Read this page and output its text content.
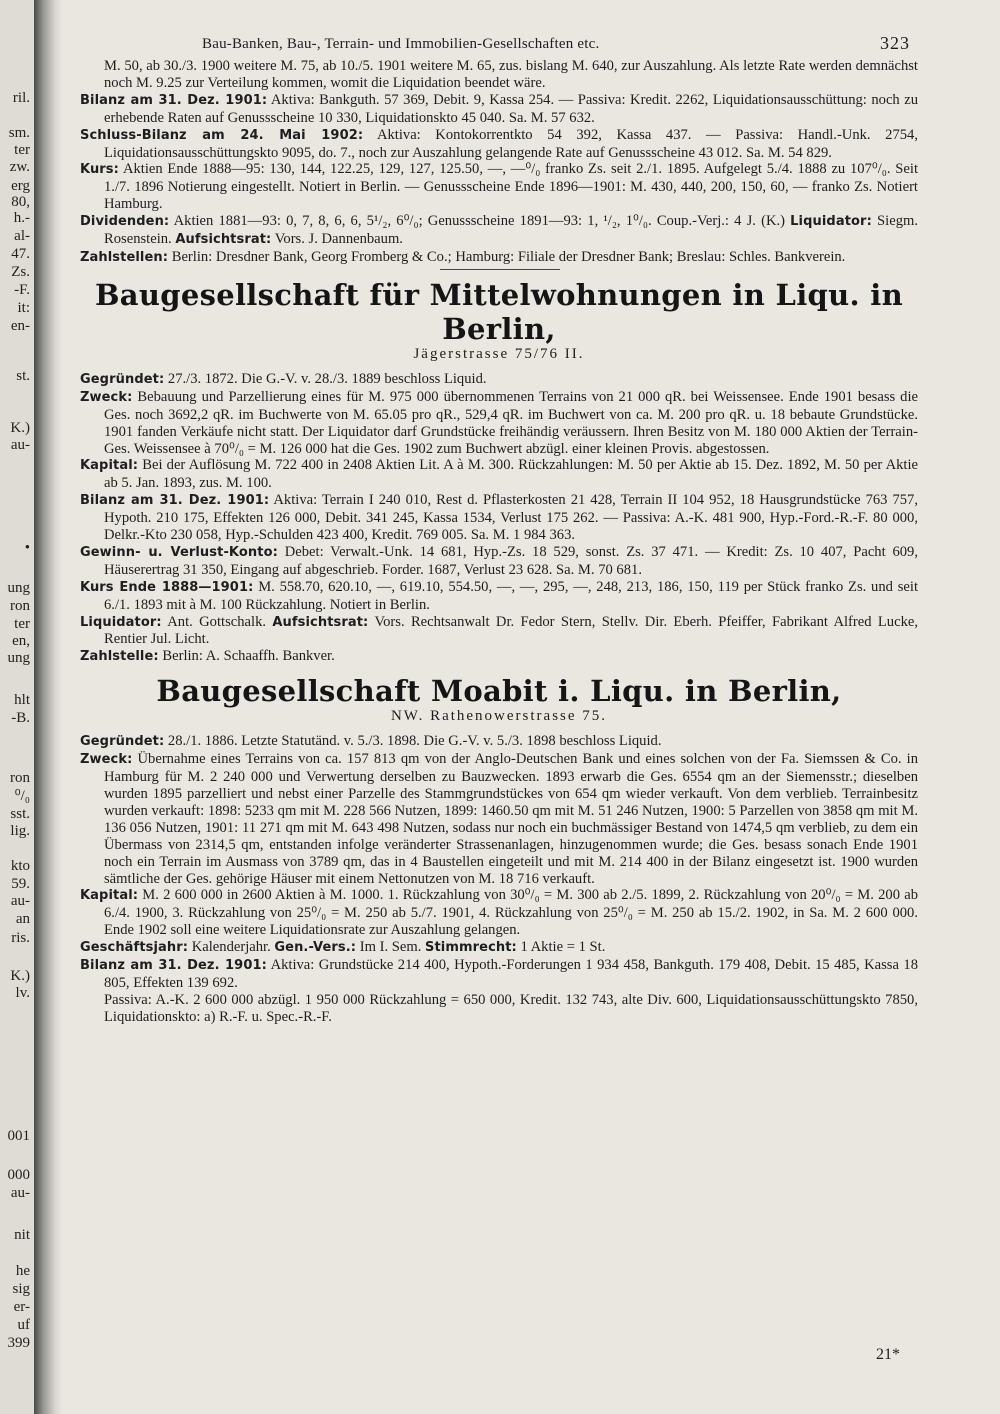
ril.
sm.
ter
zw.
erg
80,
h.-
al-
47.
Zs.
-F.
it:
en-
st.
K.)
au-
•
ung
ron
ter
en,
ung
hlt
-B.
ron
⁰/₀
sst.
lig.
kto
59.
au-
an
ris.
K.)
lv.
001
000
au-
nit
he
sig
er-
uf
399
Bau-Banken, Bau-, Terrain- und Immobilien-Gesellschaften etc.	323

M. 50, ab 30./3. 1900 weitere M. 75, ab 10./5. 1901 weitere M. 65, zus. bislang M. 640, zur Auszahlung. Als letzte Rate werden demnächst noch M. 9.25 zur Verteilung kommen, womit die Liquidation beendet wäre.

Bilanz am 31. Dez. 1901: Aktiva: Bankguth. 57 369, Debit. 9, Kassa 254. — Passiva: Kredit. 2262, Liquidationsausschüttung: noch zu erhebende Raten auf Genussscheine 10 330, Liquidationskto 45 040. Sa. M. 57 632.

Schluss-Bilanz am 24. Mai 1902: Aktiva: Kontokorrentkto 54 392, Kassa 437. — Passiva: Handl.-Unk. 2754, Liquidationsausschüttungskto 9095, do. 7., noch zur Auszahlung gelangende Rate auf Genussscheine 43 012. Sa. M. 54 829.

Kurs: Aktien Ende 1888—95: 130, 144, 122.25, 129, 127, 125.50, —, —⁰/₀ franko Zs. seit 2./1. 1895. Aufgelegt 5./4. 1888 zu 107⁰/₀. Seit 1./7. 1896 Notierung eingestellt. Notiert in Berlin. — Genussscheine Ende 1896—1901: M. 430, 440, 200, 150, 60, — franko Zs. Notiert Hamburg.

Dividenden: Aktien 1881—93: 0, 7, 8, 6, 6, 5¹/₂, 6⁰/₀; Genussscheine 1891—93: 1, ¹/₂, 1⁰/₀. Coup.-Verj.: 4 J. (K.) Liquidator: Siegm. Rosenstein. Aufsichtsrat: Vors. J. Dannenbaum.

Zahlstellen: Berlin: Dresdner Bank, Georg Fromberg & Co.; Hamburg: Filiale der Dresdner Bank; Breslau: Schles. Bankverein.

Baugesellschaft für Mittelwohnungen in Liqu. in Berlin,
Jägerstrasse 75/76 II.

Gegründet: 27./3. 1872. Die G.-V. v. 28./3. 1889 beschloss Liquid.

Zweck: Bebauung und Parzellierung eines für M. 975 000 übernommenen Terrains von 21 000 qR. bei Weissensee. Ende 1901 besass die Ges. noch 3692,2 qR. im Buchwerte von M. 65.05 pro qR., 529,4 qR. im Buchwert von ca. M. 200 pro qR. u. 18 bebaute Grundstücke. 1901 fanden Verkäufe nicht statt. Der Liquidator darf Grundstücke freihändig veräussern. Ihren Besitz von M. 180 000 Aktien der Terrain-Ges. Weissensee à 70⁰/₀ = M. 126 000 hat die Ges. 1902 zum Buchwert abzügl. einer kleinen Provis. abgestossen.

Kapital: Bei der Auflösung M. 722 400 in 2408 Aktien Lit. A à M. 300. Rückzahlungen: M. 50 per Aktie ab 15. Dez. 1892, M. 50 per Aktie ab 5. Jan. 1893, zus. M. 100.

Bilanz am 31. Dez. 1901: Aktiva: Terrain I 240 010, Rest d. Pflasterkosten 21 428, Terrain II 104 952, 18 Hausgrundstücke 763 757, Hypoth. 210 175, Effekten 126 000, Debit. 341 245, Kassa 1534, Verlust 175 262. — Passiva: A.-K. 481 900, Hyp.-Ford.-R.-F. 80 000, Delkr.-Kto 230 058, Hyp.-Schulden 423 400, Kredit. 769 005. Sa. M. 1 984 363.

Gewinn- u. Verlust-Konto: Debet: Verwalt.-Unk. 14 681, Hyp.-Zs. 18 529, sonst. Zs. 37 471. — Kredit: Zs. 10 407, Pacht 609, Häuserertrag 31 350, Eingang auf abgeschrieb. Forder. 1687, Verlust 23 628. Sa. M. 70 681.

Kurs Ende 1888—1901: M. 558.70, 620.10, —, 619.10, 554.50, —, —, 295, —, 248, 213, 186, 150, 119 per Stück franko Zs. und seit 6./1. 1893 mit à M. 100 Rückzahlung. Notiert in Berlin.

Liquidator: Ant. Gottschalk. Aufsichtsrat: Vors. Rechtsanwalt Dr. Fedor Stern, Stellv. Dir. Eberh. Pfeiffer, Fabrikant Alfred Lucke, Rentier Jul. Licht.

Zahlstelle: Berlin: A. Schaaffh. Bankver.

Baugesellschaft Moabit i. Liqu. in Berlin,
NW. Rathenowerstrasse 75.

Gegründet: 28./1. 1886. Letzte Statutänd. v. 5./3. 1898. Die G.-V. v. 5./3. 1898 beschloss Liquid.

Zweck: Übernahme eines Terrains von ca. 157 813 qm von der Anglo-Deutschen Bank und eines solchen von der Fa. Siemssen & Co. in Hamburg für M. 2 240 000 und Verwertung derselben zu Bauzwecken. 1893 erwarb die Ges. 6554 qm an der Siemensstr.; dieselben wurden 1895 parzelliert und nebst einer Parzelle des Stammgrundstückes von 654 qm wieder verkauft. Von dem verblieb. Terrainbesitz wurden verkauft: 1898: 5233 qm mit M. 228 566 Nutzen, 1899: 1460.50 qm mit M. 51 246 Nutzen, 1900: 5 Parzellen von 3858 qm mit M. 136 056 Nutzen, 1901: 11 271 qm mit M. 643 498 Nutzen, sodass nur noch ein buchmässiger Bestand von 1474,5 qm verblieb, zu dem ein Übermass von 2314,5 qm, entstanden infolge veränderter Strassenanlagen, hinzugenommen wurde; die Ges. besass sonach Ende 1901 noch ein Terrain im Ausmass von 3789 qm, das in 4 Baustellen eingeteilt und mit M. 214 400 in der Bilanz eingesetzt ist. 1900 wurden sämtliche der Ges. gehörige Häuser mit einem Nettonutzen von M. 18 716 verkauft.

Kapital: M. 2 600 000 in 2600 Aktien à M. 1000. 1. Rückzahlung von 30⁰/₀ = M. 300 ab 2./5. 1899, 2. Rückzahlung von 20⁰/₀ = M. 200 ab 6./4. 1900, 3. Rückzahlung von 25⁰/₀ = M. 250 ab 5./7. 1901, 4. Rückzahlung von 25⁰/₀ = M. 250 ab 15./2. 1902, in Sa. M. 2 600 000. Ende 1902 soll eine weitere Liquidationsrate zur Auszahlung gelangen.

Geschäftsjahr: Kalenderjahr. Gen.-Vers.: Im I. Sem. Stimmrecht: 1 Aktie = 1 St.

Bilanz am 31. Dez. 1901: Aktiva: Grundstücke 214 400, Hypoth.-Forderungen 1 934 458, Bankguth. 179 408, Debit. 15 485, Kassa 18 805, Effekten 139 692.

Passiva: A.-K. 2 600 000 abzügl. 1 950 000 Rückzahlung = 650 000, Kredit. 132 743, alte Div. 600, Liquidationsausschüttungskto 7850, Liquidationskto: a) R.-F. u. Spec.-R.-F.

21*
